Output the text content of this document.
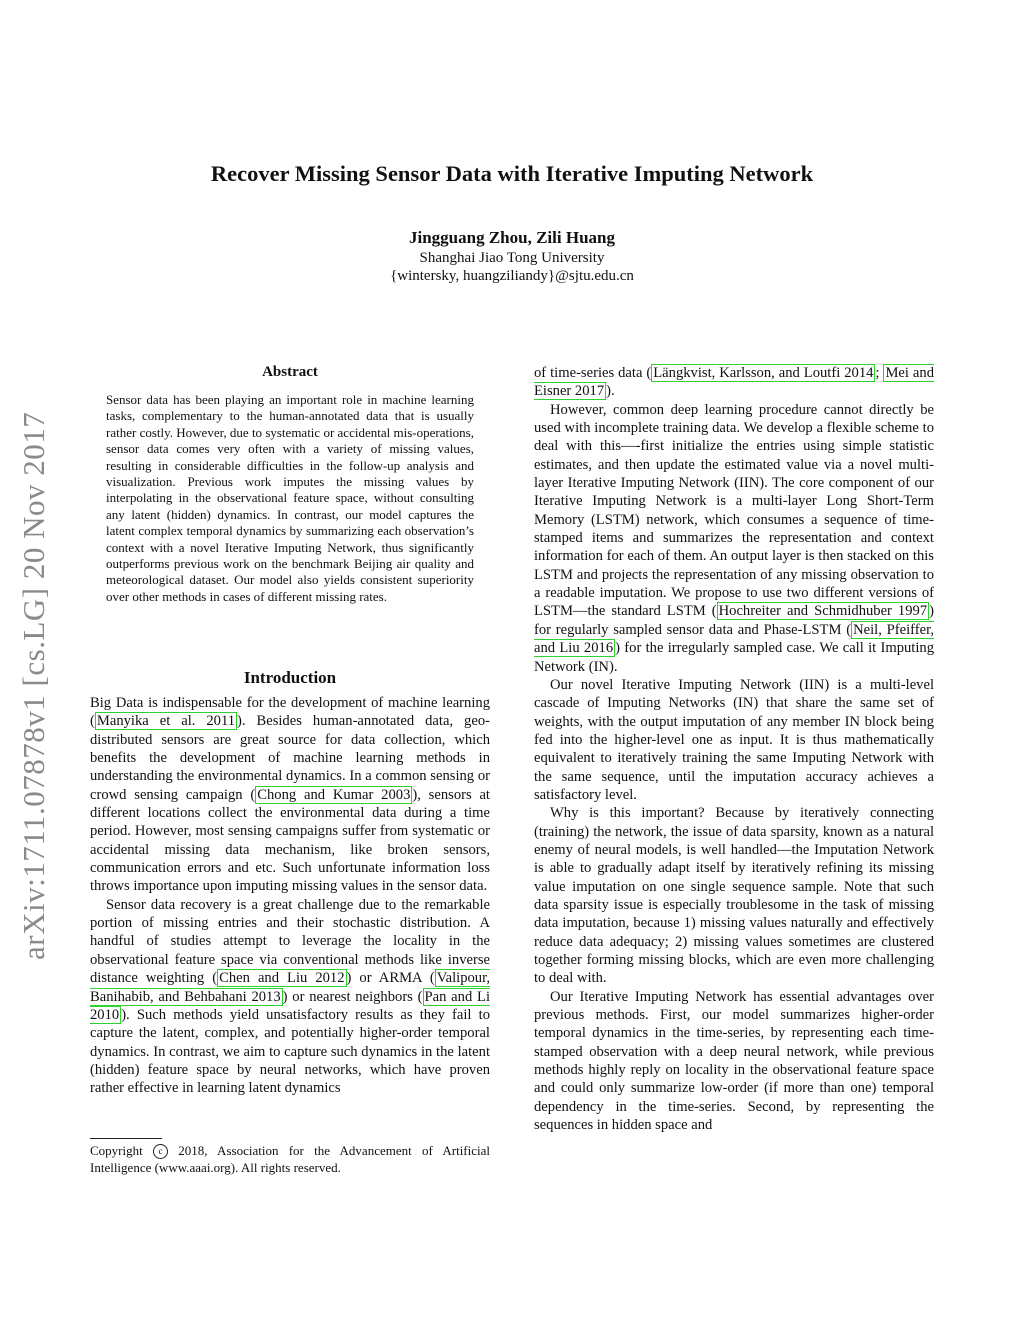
arXiv:1711.07878v1 [cs.LG] 20 Nov 2017
Recover Missing Sensor Data with Iterative Imputing Network
Jingguang Zhou, Zili Huang
Shanghai Jiao Tong University
{wintersky, huangziliandy}@sjtu.edu.cn
Abstract

Sensor data has been playing an important role in machine learning tasks, complementary to the human-annotated data that is usually rather costly. However, due to systematic or accidental mis-operations, sensor data comes very often with a variety of missing values, resulting in considerable difficulties in the follow-up analysis and visualization. Previous work imputes the missing values by interpolating in the observational feature space, without consulting any latent (hidden) dynamics. In contrast, our model captures the latent complex temporal dynamics by summarizing each observation’s context with a novel Iterative Imputing Network, thus significantly outperforms previous work on the benchmark Beijing air quality and meteorological dataset. Our model also yields consistent superiority over other methods in cases of different missing rates.

Introduction

Big Data is indispensable for the development of machine learning ( Manyika et al. 2011 ). Besides human-annotated data, geo-distributed sensors are great source for data collection, which benefits the development of machine learning methods in understanding the environmental dynamics. In a common sensing or crowd sensing campaign ( Chong and Kumar 2003 ), sensors at different locations collect the environmental data during a time period. However, most sensing campaigns suffer from systematic or accidental missing data mechanism, like broken sensors, communication errors and etc. Such unfortunate information loss throws importance upon imputing missing values in the sensor data.

Sensor data recovery is a great challenge due to the remarkable portion of missing entries and their stochastic distribution. A handful of studies attempt to leverage the locality in the observational feature space via conventional methods like inverse distance weighting ( Chen and Liu 2012 ) or ARMA ( Valipour, Banihabib, and Behbahani 2013 ) or nearest neighbors ( Pan and Li 2010 ). Such methods yield unsatisfactory results as they fail to capture the latent, complex, and potentially higher-order temporal dynamics. In contrast, we aim to capture such dynamics in the latent (hidden) feature space by neural networks, which have proven rather effective in learning latent dynamics

Copyright c 2018, Association for the Advancement of Artificial Intelligence (www.aaai.org). All rights reserved.

of time-series data ( Längkvist, Karlsson, and Loutfi 2014 ; Mei and Eisner 2017 ).

However, common deep learning procedure cannot directly be used with incomplete training data. We develop a flexible scheme to deal with this—-first initialize the entries using simple statistic estimates, and then update the estimated value via a novel multi-layer Iterative Imputing Network (IIN). The core component of our Iterative Imputing Network is a multi-layer Long Short-Term Memory (LSTM) network, which consumes a sequence of time-stamped items and summarizes the representation and context information for each of them. An output layer is then stacked on this LSTM and projects the representation of any missing observation to a readable imputation. We propose to use two different versions of LSTM—the standard LSTM ( Hochreiter and Schmidhuber 1997 ) for regularly sampled sensor data and Phase-LSTM ( Neil, Pfeiffer, and Liu 2016 ) for the irregularly sampled case. We call it Imputing Network (IN).

Our novel Iterative Imputing Network (IIN) is a multi-level cascade of Imputing Networks (IN) that share the same set of weights, with the output imputation of any member IN block being fed into the higher-level one as input. It is thus mathematically equivalent to iteratively training the same Imputing Network with the same sequence, until the imputation accuracy achieves a satisfactory level.

Why is this important? Because by iteratively connecting (training) the network, the issue of data sparsity, known as a natural enemy of neural models, is well handled—the Imputation Network is able to gradually adapt itself by iteratively refining its missing value imputation on one single sequence sample. Note that such data sparsity issue is especially troublesome in the task of missing data imputation, because 1) missing values naturally and effectively reduce data adequacy; 2) missing values sometimes are clustered together forming missing blocks, which are even more challenging to deal with.

Our Iterative Imputing Network has essential advantages over previous methods. First, our model summarizes higher-order temporal dynamics in the time-series, by representing each time-stamped observation with a deep neural network, while previous methods highly reply on locality in the observational feature space and could only summarize low-order (if more than one) temporal dependency in the time-series. Second, by representing the sequences in hidden space and
